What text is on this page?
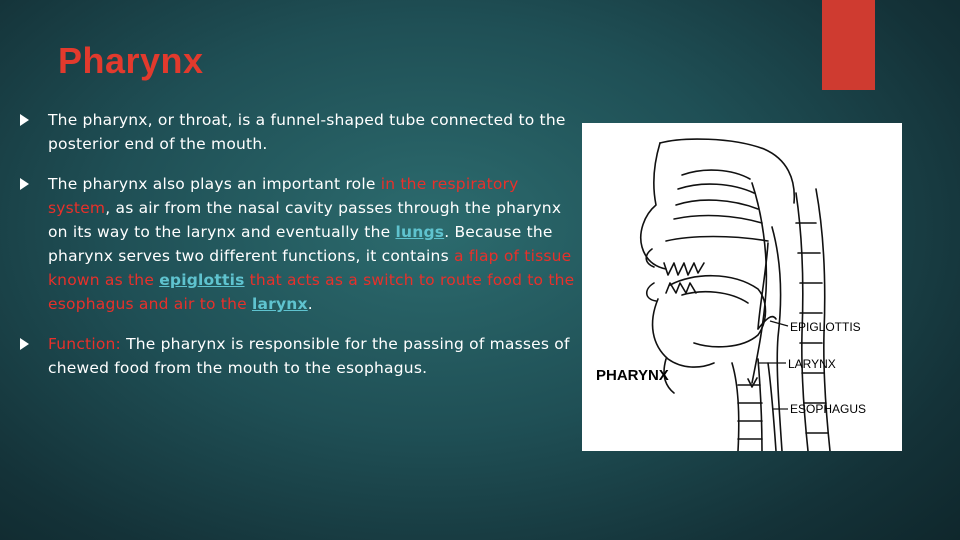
Pharynx

The pharynx, or throat, is a funnel-shaped tube connected to the posterior end of the mouth.

The pharynx also plays an important role in the respiratory system, as air from the nasal cavity passes through the pharynx on its way to the larynx and eventually the lungs. Because the pharynx serves two different functions, it contains a flap of tissue known as the epiglottis that acts as a switch to route food to the esophagus and air to the larynx.

Function: The pharynx is responsible for the passing of masses of chewed food from the mouth to the esophagus.	PHARYNX
EPIGLOTTIS
LARYNX
ESOPHAGUS
